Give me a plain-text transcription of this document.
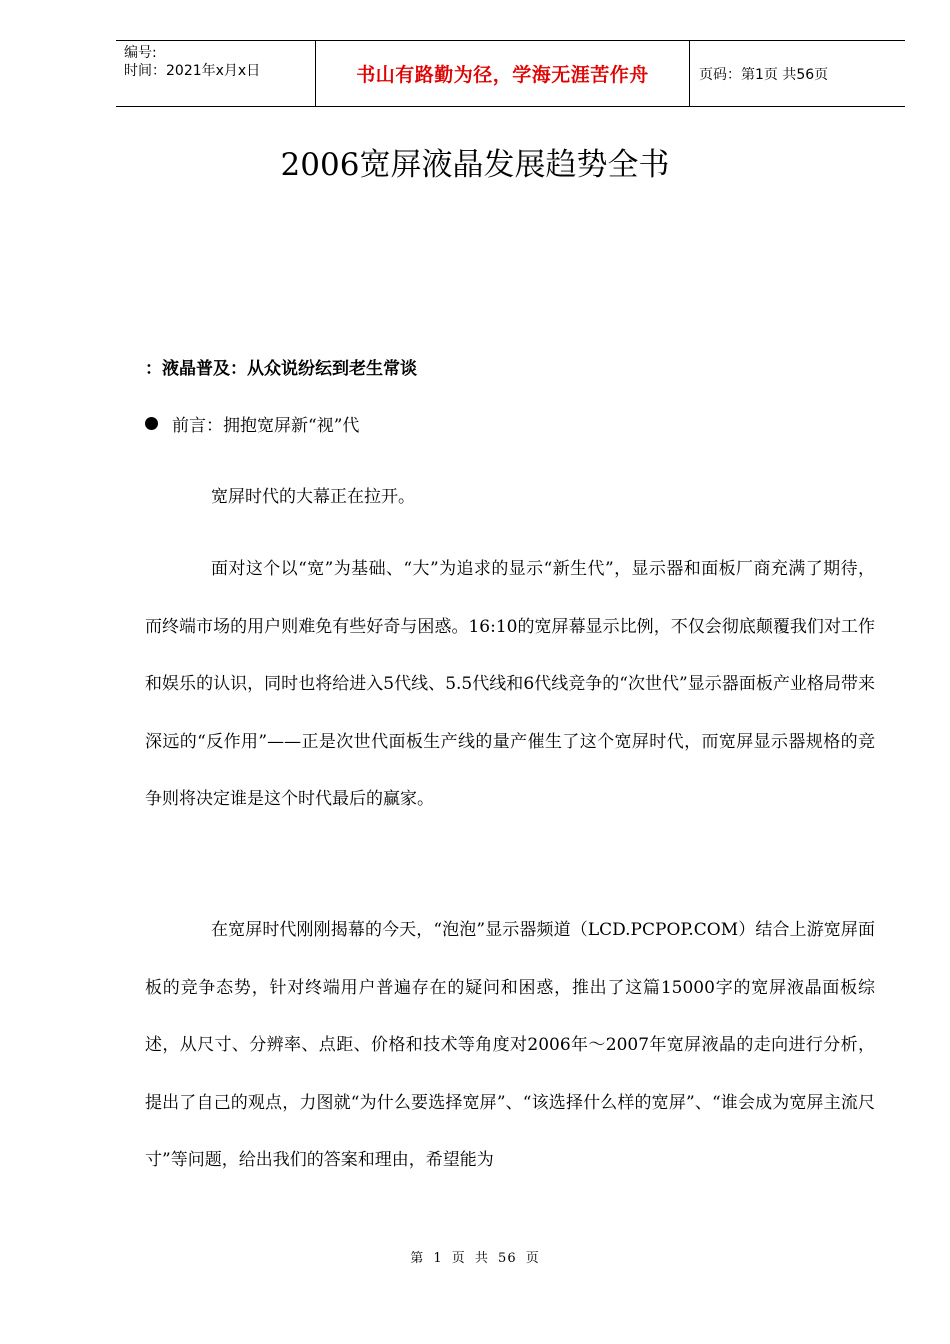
编号:
时间：2021年x月x日	书山有路勤为径，学海无涯苦作舟	页码：第1页 共56页
2006宽屏液晶发展趋势全书
：液晶普及：从众说纷纭到老生常谈
前言：拥抱宽屏新“视”代

宽屏时代的大幕正在拉开。

面对这个以“宽”为基础、“大”为追求的显示“新生代”，显示器和面板厂商充满了期待，而终端市场的用户则难免有些好奇与困惑。16:10的宽屏幕显示比例，不仅会彻底颠覆我们对工作和娱乐的认识，同时也将给进入5代线、5.5代线和6代线竞争的“次世代”显示器面板产业格局带来深远的“反作用”——正是次世代面板生产线的量产催生了这个宽屏时代，而宽屏显示器规格的竞争则将决定谁是这个时代最后的赢家。

在宽屏时代刚刚揭幕的今天，“泡泡”显示器频道（LCD.PCPOP.COM）结合上游宽屏面板的竞争态势，针对终端用户普遍存在的疑问和困惑，推出了这篇15000字的宽屏液晶面板综述，从尺寸、分辨率、点距、价格和技术等角度对2006年～2007年宽屏液晶的走向进行分析，提出了自己的观点，力图就“为什么要选择宽屏”、“该选择什么样的宽屏”、“谁会成为宽屏主流尺寸”等问题，给出我们的答案和理由，希望能为

第 1 页 共 56 页
